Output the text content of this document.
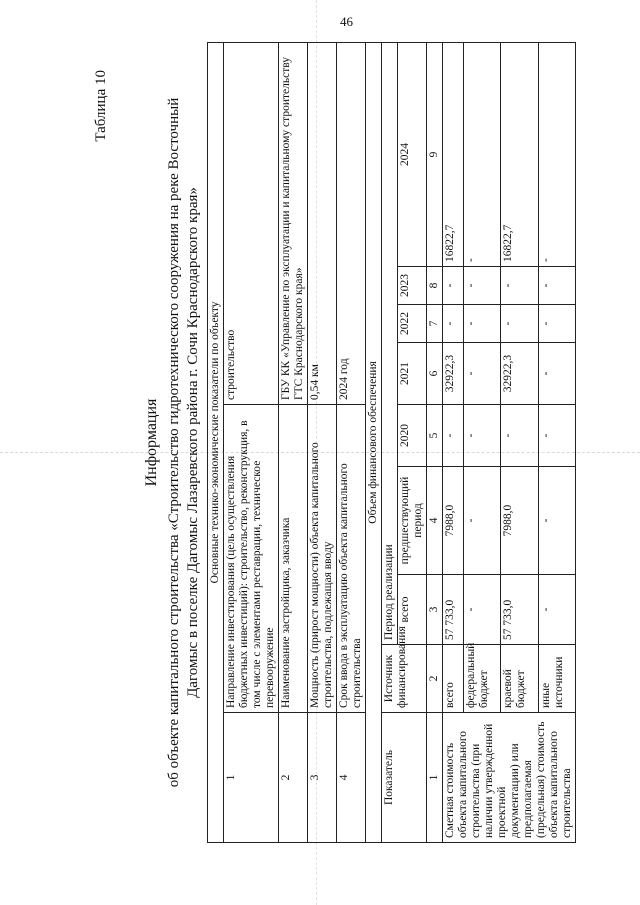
46
Таблица 10
Информация об объекте капитального строительства «Строительство гидротехнического сооружения на реке Восточный Дагомыс в поселке Дагомыс Лазаревского района г. Сочи Краснодарского края» Основные технико-экономические показатели по объекту								
1	Направление инвестирования (цель осуществления бюджетных инвестиций): строительство, реконструкция, в том числе с элементами реставрации, техническое перевооружение				строительство			
2	Наименование застройщика, заказчика				ГБУ КК «Управление по эксплуатации и капитальному строительству ГТС Краснодарского края»			
3	Мощность (прирост мощности) объекта капитального строительства, подлежащая вводу				0,54 км			
4	Срок ввода в эксплуатацию объекта капитального строительства				2024 год			
Объем финансового обеспечения								
Показатель	Источник финансирования	Период реализации						
		всего	предшествующий период	2020	2021	2022	2023	2024
1	2	3	4	5	6	7	8	9
Сметная стоимость объекта капитального строительства (при наличии утвержденной проектной документации) или предполагаемая (предельная) стоимость объекта капитального строительства	всего	57 733,0	7988,0	-	32922,3	-	-	16822,7
	федеральный бюджет	-	-	-	-	-	-	-
	краевой бюджет	57 733,0	7988,0	-	32922,3	-	-	16822,7
	иные источники	-	-	-	-	-	-	-
